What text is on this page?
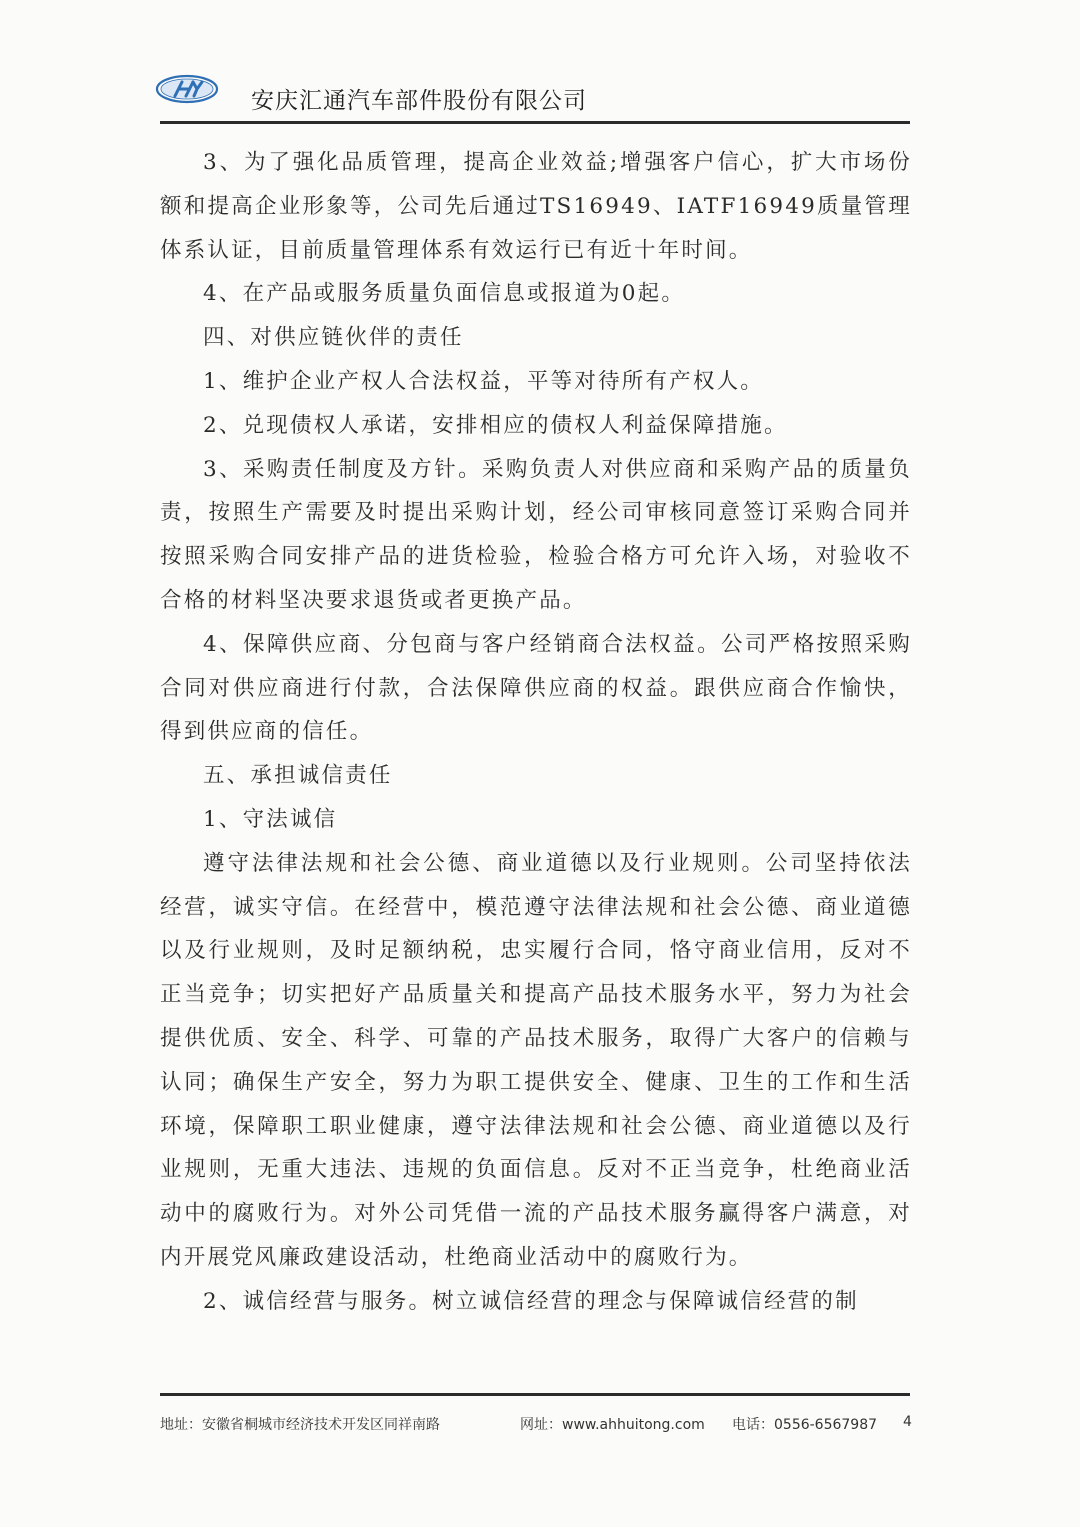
安庆汇通汽车部件股份有限公司

3、为了强化品质管理，提高企业效益;增强客户信心，扩大市场份额和提高企业形象等，公司先后通过TS16949、IATF16949质量管理体系认证，目前质量管理体系有效运行已有近十年时间。

4、在产品或服务质量负面信息或报道为0起。

四、对供应链伙伴的责任

1、维护企业产权人合法权益，平等对待所有产权人。

2、兑现债权人承诺，安排相应的债权人利益保障措施。

3、采购责任制度及方针。采购负责人对供应商和采购产品的质量负责，按照生产需要及时提出采购计划，经公司审核同意签订采购合同并按照采购合同安排产品的进货检验，检验合格方可允许入场，对验收不合格的材料坚决要求退货或者更换产品。

4、保障供应商、分包商与客户经销商合法权益。公司严格按照采购合同对供应商进行付款，合法保障供应商的权益。跟供应商合作愉快，得到供应商的信任。

五、承担诚信责任

1、守法诚信

遵守法律法规和社会公德、商业道德以及行业规则。公司坚持依法经营，诚实守信。在经营中，模范遵守法律法规和社会公德、商业道德以及行业规则，及时足额纳税，忠实履行合同，恪守商业信用，反对不正当竞争；切实把好产品质量关和提高产品技术服务水平，努力为社会提供优质、安全、科学、可靠的产品技术服务，取得广大客户的信赖与认同；确保生产安全，努力为职工提供安全、健康、卫生的工作和生活环境，保障职工职业健康，遵守法律法规和社会公德、商业道德以及行业规则，无重大违法、违规的负面信息。反对不正当竞争，杜绝商业活动中的腐败行为。对外公司凭借一流的产品技术服务赢得客户满意，对内开展党风廉政建设活动，杜绝商业活动中的腐败行为。

2、诚信经营与服务。树立诚信经营的理念与保障诚信经营的制

地址：安徽省桐城市经济技术开发区同祥南路	网址：www.ahhuitong.com 电话：0556-6567987 4
